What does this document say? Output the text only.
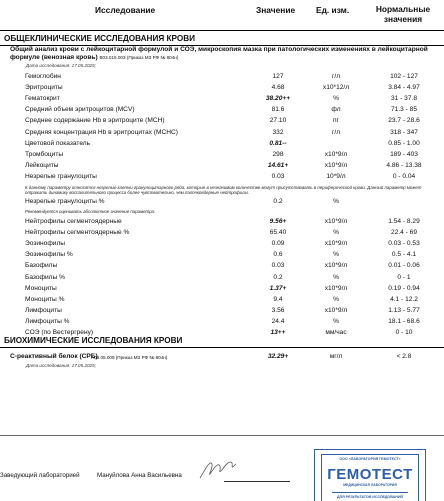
Исследование	Значение Ед. изм.	Нормальные значения
ОБЩЕКЛИНИЧЕСКИЕ ИССЛЕДОВАНИЯ КРОВИ
Общий анализ крови с лейкоцитарной формулой и СОЭ, микроскопия мазка при патологических изменениях в лейкоцитарной формуле (венозная кровь) B03.016.003 (Приказ МЗ РФ № 804н)
Дата исследования: 17.05.2025;
Гемоглобин	127	г/л	102 - 127
Эритроциты	4.68	x10*12/л	3.84 - 4.97
Гематокрит	38.20++	%	31 - 37.8
Средний объем эритроцитов (MCV)	81.6	фл	71.3 - 85
Среднее содержание Hb в эритроците (MCH)	27.10	пг	23.7 - 28.6
Средняя концентрация Hb в эритроцитах (MCHC)	332	г/л	318 - 347
Цветовой показатель	0.81--	0.85 - 1.00
Тромбоциты	298	x10*9/л	189 - 403
Лейкоциты	14.61+	x10*9/л	4.86 - 13.38
Незрелые гранулоциты	0.03	10*9/л	0 - 0.04
К данному параметру относятся незрелые клетки гранулоцитарного ряда, которые в незначимом количестве могут присутствовать в периферической крови. Данный параметр может отражать динамику воспалительного процесса более чувствительно, чем палочкоядерные нейтрофилы.
Незрелые гранулоциты %	0.2	%
Рекомендуется оценивать абсолютное значение параметра.
Нейтрофилы сегментоядерные	9.56+	x10*9/л	1.54 - 8.29
Нейтрофилы сегментоядерные %	65.40	%	22.4 - 69
Эозинофилы	0.09	x10*9/л	0.03 - 0.53
Эозинофилы %	0.6	%	0.5 - 4.1
Базофилы	0.03	x10*9/л	0.01 - 0.06
Базофилы %	0.2	%	0 - 1
Моноциты	1.37+	x10*9/л	0.19 - 0.94
Моноциты %	9.4	%	4.1 - 12.2
Лимфоциты	3.56	x10*9/л	1.13 - 5.77
Лимфоциты %	24.4	%	18.1 - 68.6
СОЭ (по Вестергрену)	13++	мм/час	0 - 10
БИОХИМИЧЕСКИЕ ИССЛЕДОВАНИЯ КРОВИ
С-реактивный белок (СРБ)
A09.05.009 (Приказ МЗ РФ № 804н)	32.29+	мг/л	< 2.8
Дата исследования: 17.05.2025;
Заведующий лабораторией	Мануйлова Анна Васильевна
ООО «ЛАБОРАТОРИЯ ГЕМОТЕСТ»
ГЕМОТЕСТ
МЕДИЦИНСКАЯ ЛАБОРАТОРИЯ
ДЛЯ РЕЗУЛЬТАТОВ ИССЛЕДОВАНИЙ
